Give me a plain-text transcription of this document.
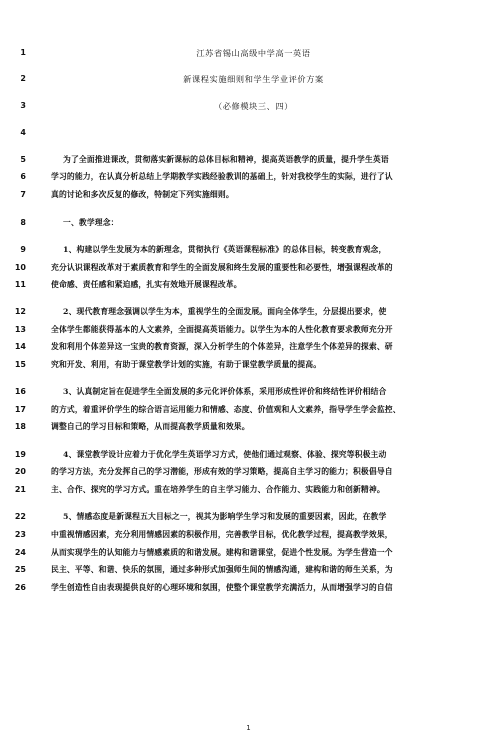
1	江苏省锡山高级中学高一英语
2	新课程实施细则和学生学业评价方案
3	（必修模块三、四）
4
5	为了全面推进课改，贯彻落实新课标的总体目标和精神，提高英语教学的质量，提升学生英语
6	学习的能力，在认真分析总结上学期教学实践经验教训的基础上，针对我校学生的实际，进行了认
7	真的讨论和多次反复的修改，特制定下列实施细则。
8	一、教学理念：
9	1、构建以学生发展为本的新理念，贯彻执行《英语课程标准》的总体目标，转变教育观念，
10	充分认识课程改革对于素质教育和学生的全面发展和终生发展的重要性和必要性，增强课程改革的
11	使命感、责任感和紧迫感，扎实有效地开展课程改革。
12	2、现代教育理念强调以学生为本，重视学生的全面发展。面向全体学生，分层提出要求，使
13	全体学生都能获得基本的人文素养，全面提高英语能力。以学生为本的人性化教育要求教师充分开
14	发和利用个体差异这一宝贵的教育资源，深入分析学生的个体差异，注意学生个体差异的探索、研
15	究和开发、利用，有助于课堂教学计划的实施，有助于课堂教学质量的提高。
16	3、认真制定旨在促进学生全面发展的多元化评价体系，采用形成性评价和终结性评价相结合
17	的方式，着重评价学生的综合语言运用能力和情感、态度、价值观和人文素养，指导学生学会监控、
18	调整自己的学习目标和策略，从而提高教学质量和效果。
19	4、课堂教学设计应着力于优化学生英语学习方式，使他们通过观察、体验、探究等积极主动
20	的学习方法，充分发挥自己的学习潜能，形成有效的学习策略，提高自主学习的能力；积极倡导自
21	主、合作、探究的学习方式。重在培养学生的自主学习能力、合作能力、实践能力和创新精神。
22	5、情感态度是新课程五大目标之一，视其为影响学生学习和发展的重要因素，因此，在教学
23	中重视情感因素，充分利用情感因素的积极作用，完善教学目标，优化教学过程，提高教学效果，
24	从而实现学生的认知能力与情感素质的和谐发展。建构和谐课堂，促进个性发展。为学生营造一个
25	民主、平等、和谐、快乐的氛围，通过多种形式加强师生间的情感沟通，建构和谐的师生关系，为
26	学生创造性自由表现提供良好的心理环境和氛围，使整个课堂教学充满活力，从而增强学习的自信
1
